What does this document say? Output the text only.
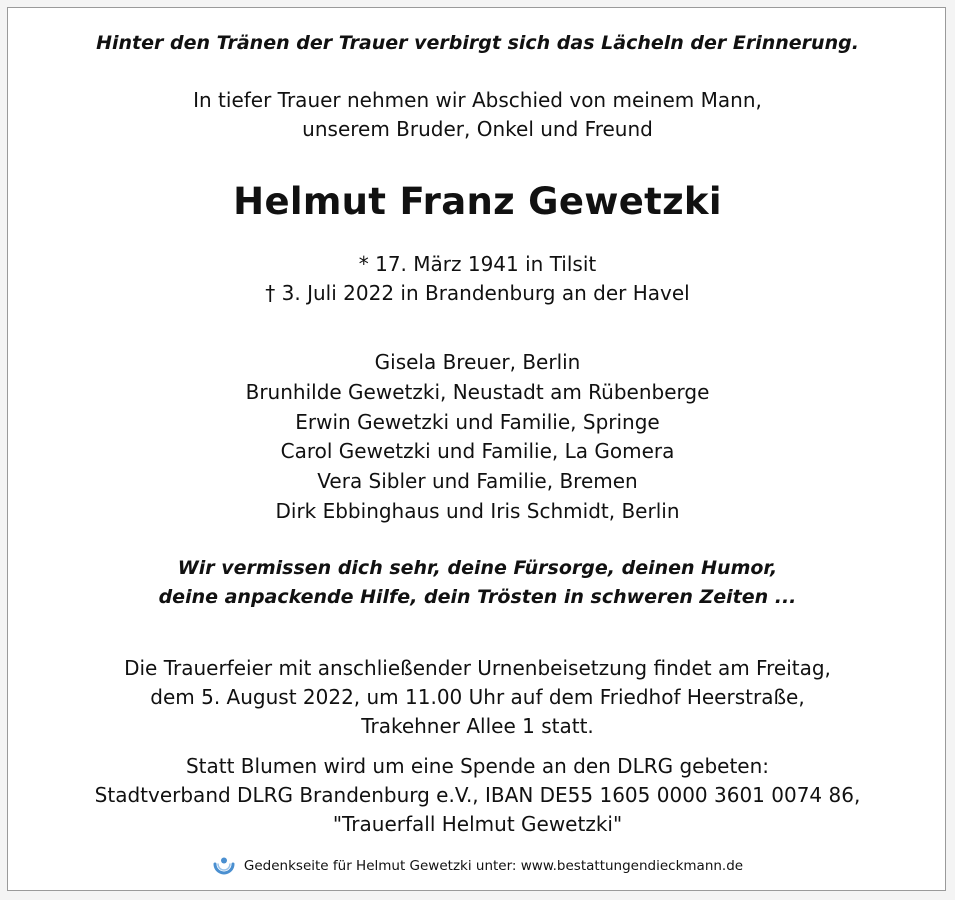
Hinter den Tränen der Trauer verbirgt sich das Lächeln der Erinnerung.
In tiefer Trauer nehmen wir Abschied von meinem Mann,
unserem Bruder, Onkel und Freund
Helmut Franz Gewetzki
* 17. März 1941 in Tilsit
† 3. Juli 2022 in Brandenburg an der Havel
Gisela Breuer, Berlin
Brunhilde Gewetzki, Neustadt am Rübenberge
Erwin Gewetzki und Familie, Springe
Carol Gewetzki und Familie, La Gomera
Vera Sibler und Familie, Bremen
Dirk Ebbinghaus und Iris Schmidt, Berlin
Wir vermissen dich sehr, deine Fürsorge, deinen Humor,
deine anpackende Hilfe, dein Trösten in schweren Zeiten ...
Die Trauerfeier mit anschließender Urnenbeisetzung findet am Freitag,
dem 5. August 2022, um 11.00 Uhr auf dem Friedhof Heerstraße,
Trakehner Allee 1 statt.
Statt Blumen wird um eine Spende an den DLRG gebeten:
Stadtverband DLRG Brandenburg e.V., IBAN DE55 1605 0000 3601 0074 86,
"Trauerfall Helmut Gewetzki"
Gedenkseite für Helmut Gewetzki unter: www.bestattungendieckmann.de
